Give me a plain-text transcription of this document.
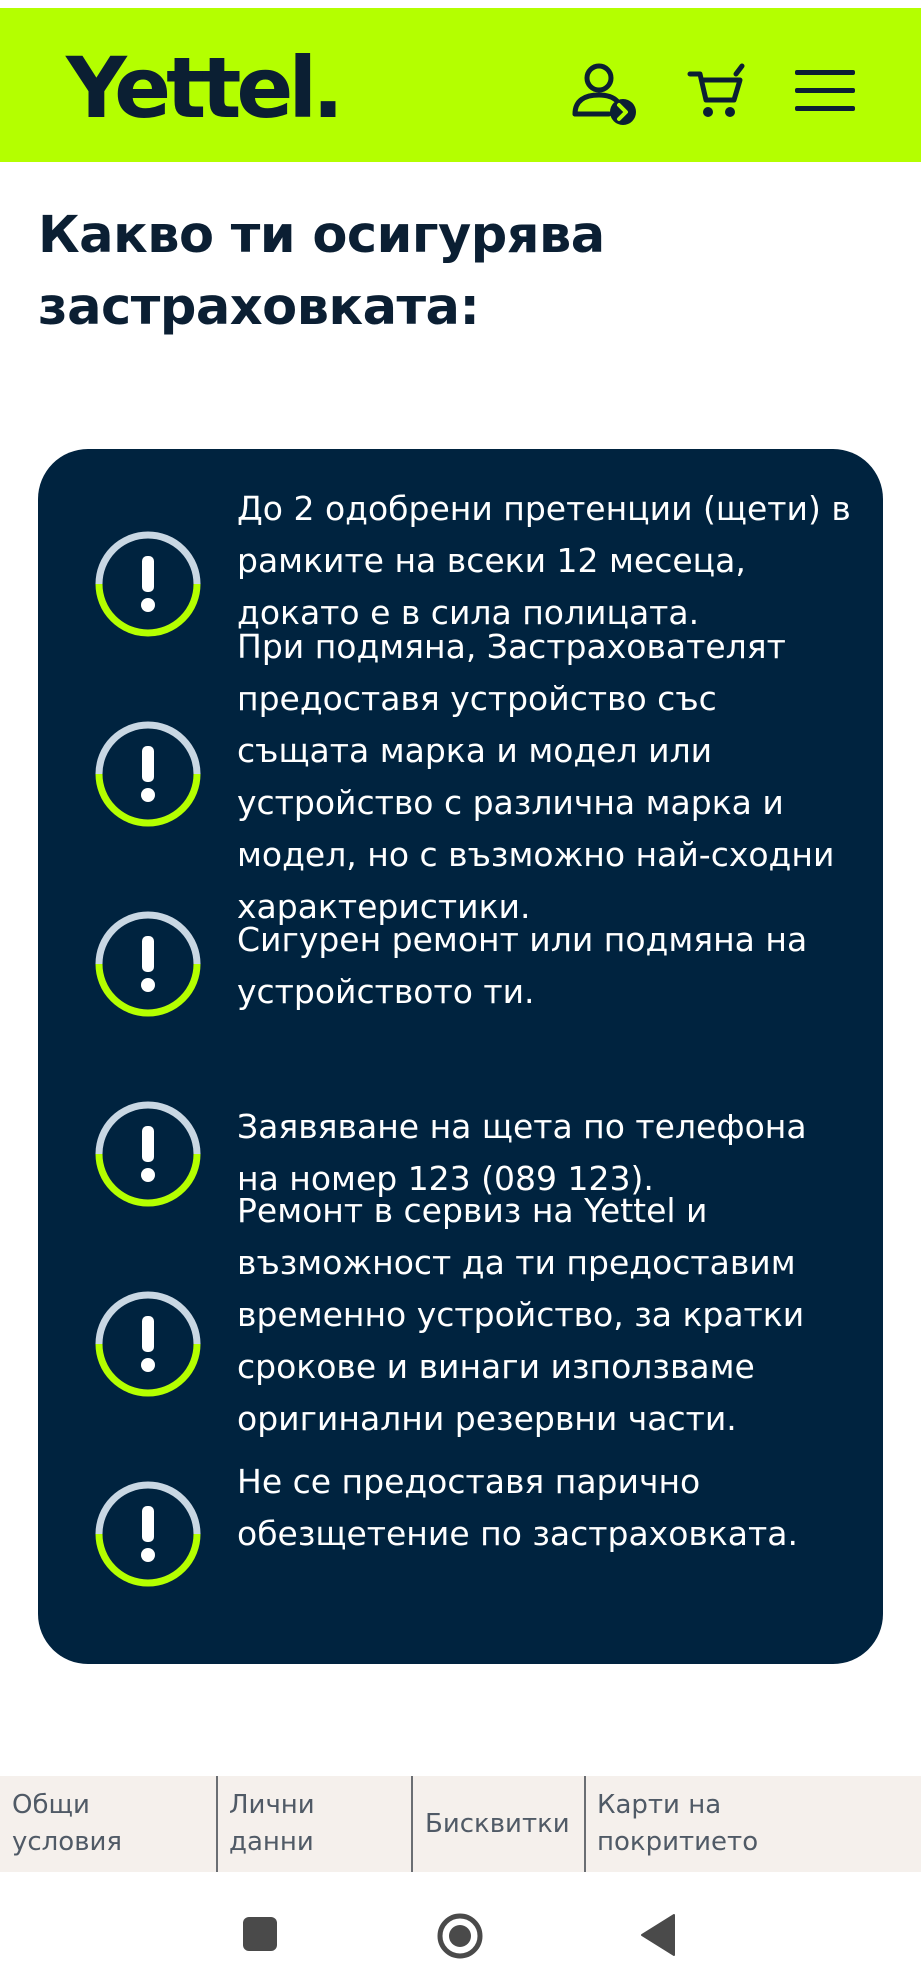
Yettel.
Какво ти осигурява застраховката:
До 2 одобрени претенции (щети) в рамките на всеки 12 месеца, докато е в сила полицата.
При подмяна, Застрахователят предоставя устройство със същата марка и модел или устройство с различна марка и модел, но с възможно най-сходни характеристики.
Сигурен ремонт или подмяна на устройството ти.
Заявяване на щета по телефона на номер 123 (089 123).
Ремонт в сервиз на Yettel и възможност да ти предоставим временно устройство, за кратки срокове и винаги използваме оригинални резервни части.
Не се предоставя парично обезщетение по застраховката.
Общи условия
Лични данни
Бисквитки
Карти на покритието
